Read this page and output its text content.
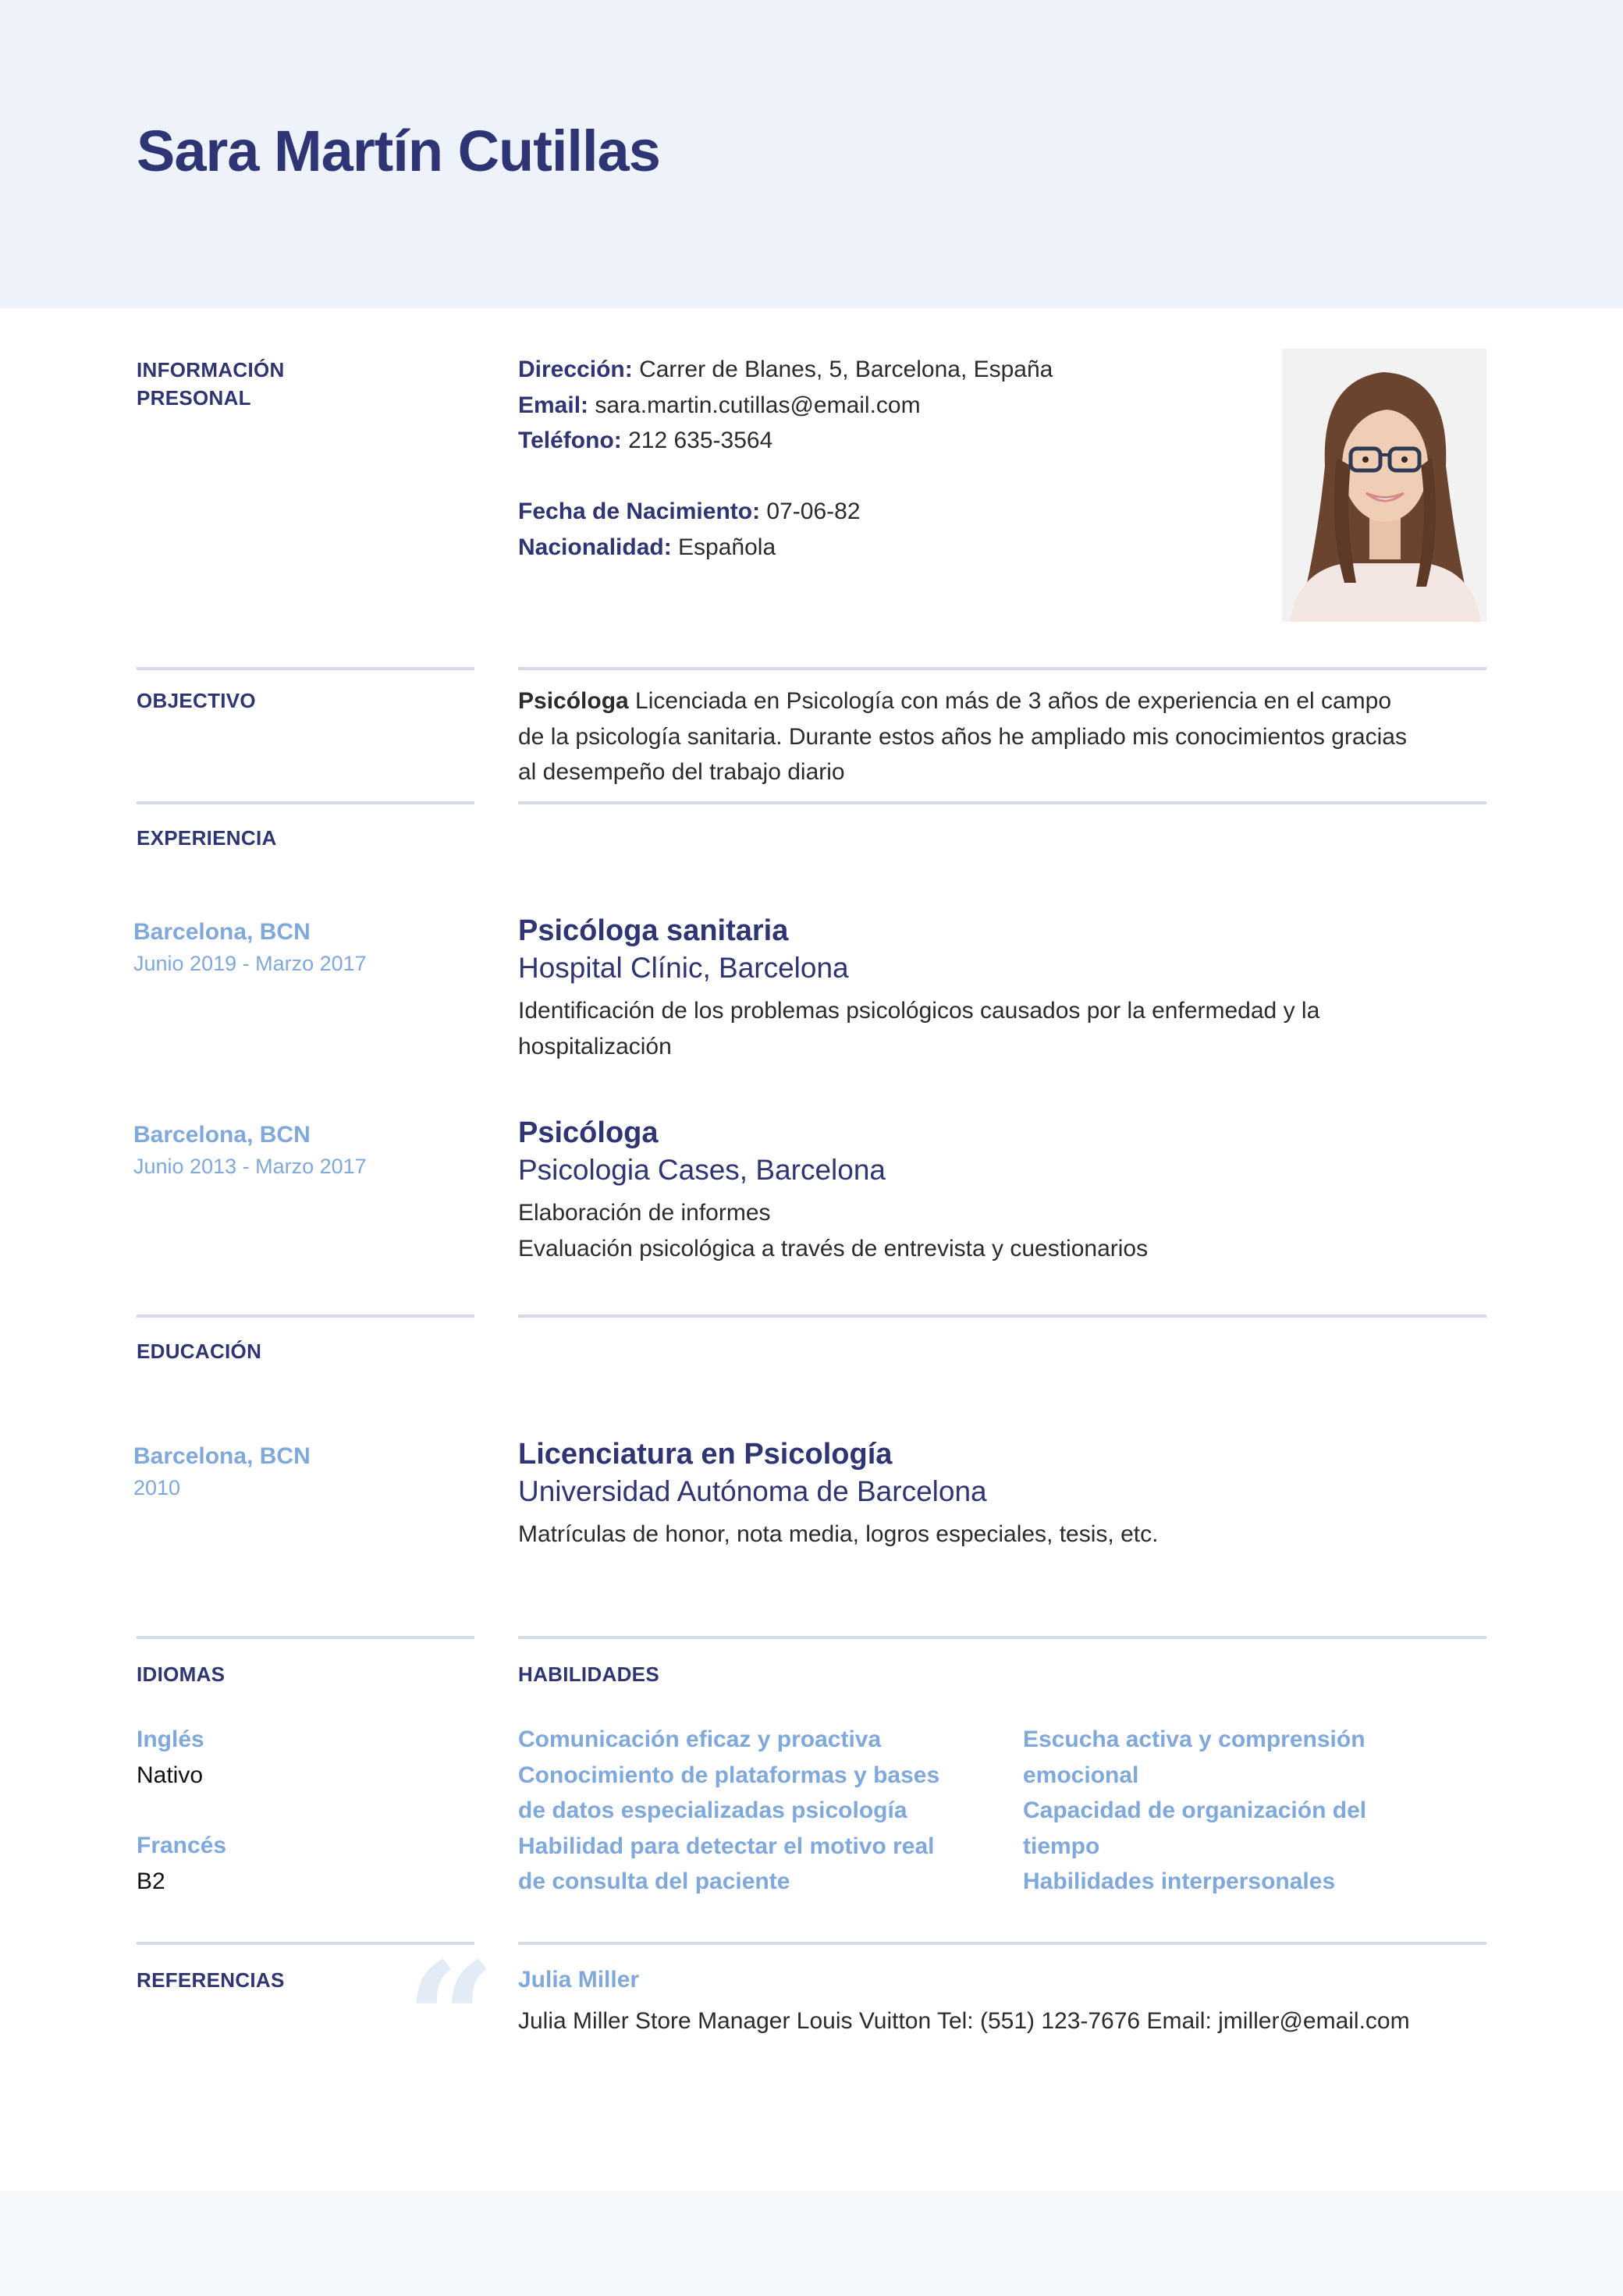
Sara Martín Cutillas
INFORMACIÓN
PRESONAL
Dirección: Carrer de Blanes, 5, Barcelona, España
Email: sara.martin.cutillas@email.com
Teléfono: 212 635-3564
Fecha de Nacimiento: 07-06-82
Nacionalidad: Española
OBJECTIVO	Psicóloga Licenciada en Psicología con más de 3 años de experiencia en el campo
de la psicología sanitaria. Durante estos años he ampliado mis conocimientos gracias
al desempeño del trabajo diario
EXPERIENCIA
Barcelona, BCN
Junio 2019 - Marzo 2017
Psicóloga sanitaria
Hospital Clínic, Barcelona
Identificación de los problemas psicológicos causados por la enfermedad y la
hospitalización
Barcelona, BCN
Junio 2013 - Marzo 2017
Psicóloga
Psicologia Cases, Barcelona
Elaboración de informes
Evaluación psicológica a través de entrevista y cuestionarios
EDUCACIÓN
Barcelona, BCN
2010
Licenciatura en Psicología
Universidad Autónoma de Barcelona
Matrículas de honor, nota media, logros especiales, tesis, etc.
IDIOMAS
Inglés
Nativo
Francés
B2
HABILIDADES
Comunicación eficaz y proactiva
Conocimiento de plataformas y bases
de datos especializadas psicología
Habilidad para detectar el motivo real
de consulta del paciente
Escucha activa y comprensión
emocional
Capacidad de organización del
tiempo
Habilidades interpersonales
REFERENCIAS “ Julia Miller
Julia Miller Store Manager Louis Vuitton Tel: (551) 123-7676 Email: jmiller@email.com
